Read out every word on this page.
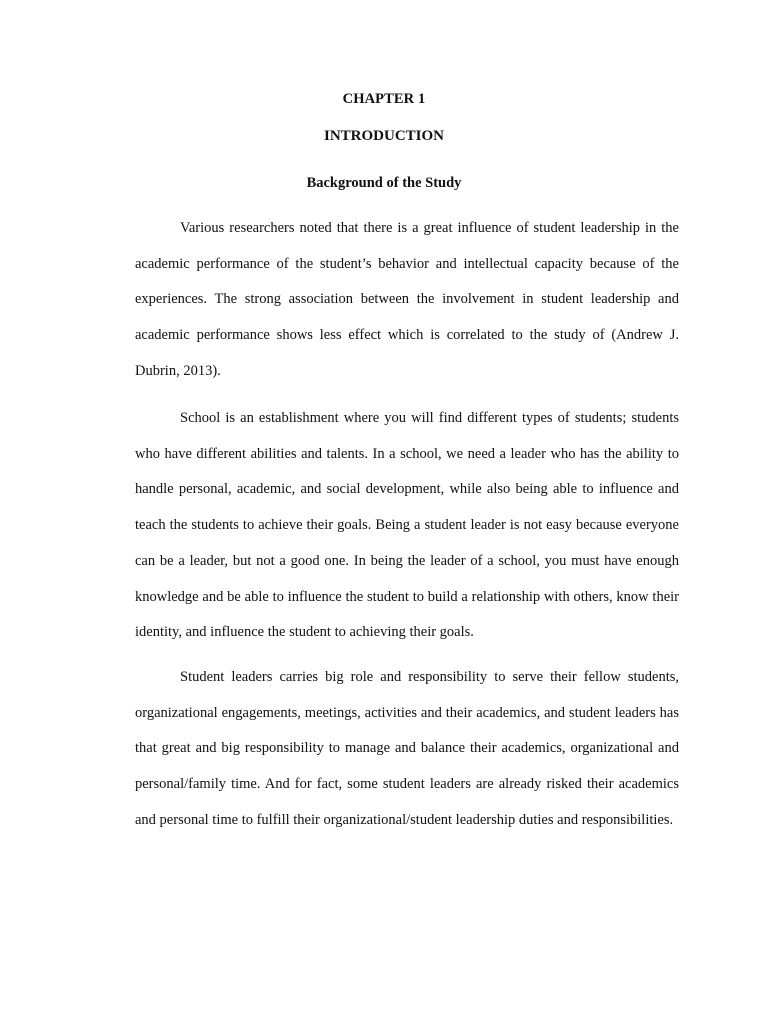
CHAPTER 1
INTRODUCTION
Background of the Study

Various researchers noted that there is a great influence of student leadership in the academic performance of the student’s behavior and intellectual capacity because of the experiences. The strong association between the involvement in student leadership and academic performance shows less effect which is correlated to the study of (Andrew J. Dubrin, 2013).

School is an establishment where you will find different types of students; students who have different abilities and talents. In a school, we need a leader who has the ability to handle personal, academic, and social development, while also being able to influence and teach the students to achieve their goals. Being a student leader is not easy because everyone can be a leader, but not a good one. In being the leader of a school, you must have enough knowledge and be able to influence the student to build a relationship with others, know their identity, and influence the student to achieving their goals.

Student leaders carries big role and responsibility to serve their fellow students, organizational engagements, meetings, activities and their academics, and student leaders has that great and big responsibility to manage and balance their academics, organizational and personal/family time. And for fact, some student leaders are already risked their academics and personal time to fulfill their organizational/student leadership duties and responsibilities.
